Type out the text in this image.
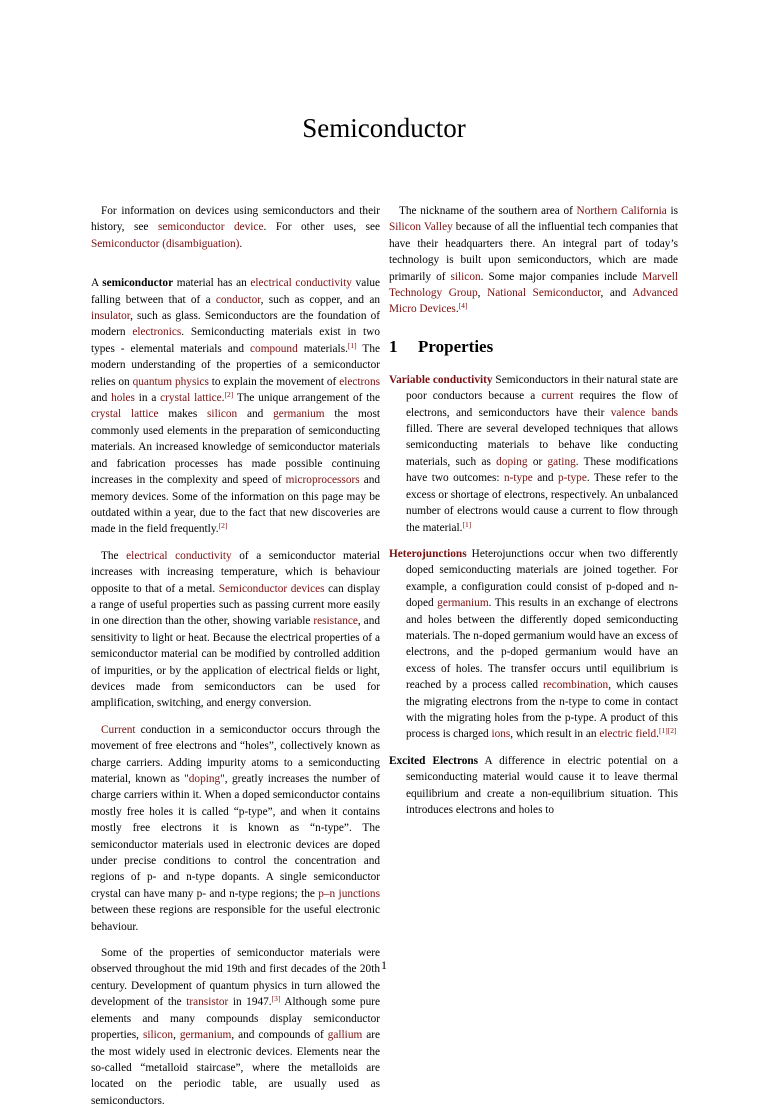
Semiconductor

For information on devices using semiconductors and their history, see semiconductor device. For other uses, see Semiconductor (disambiguation).

A semiconductor material has an electrical conductivity value falling between that of a conductor, such as copper, and an insulator, such as glass. Semiconductors are the foundation of modern electronics. Semiconducting materials exist in two types - elemental materials and compound materials.[1] The modern understanding of the properties of a semiconductor relies on quantum physics to explain the movement of electrons and holes in a crystal lattice.[2] The unique arrangement of the crystal lattice makes silicon and germanium the most commonly used elements in the preparation of semiconducting materials. An increased knowledge of semiconductor materials and fabrication processes has made possible continuing increases in the complexity and speed of microprocessors and memory devices. Some of the information on this page may be outdated within a year, due to the fact that new discoveries are made in the field frequently.[2]

The electrical conductivity of a semiconductor material increases with increasing temperature, which is behaviour opposite to that of a metal. Semiconductor devices can display a range of useful properties such as passing current more easily in one direction than the other, showing variable resistance, and sensitivity to light or heat. Because the electrical properties of a semiconductor material can be modified by controlled addition of impurities, or by the application of electrical fields or light, devices made from semiconductors can be used for amplification, switching, and energy conversion.

Current conduction in a semiconductor occurs through the movement of free electrons and “holes”, collectively known as charge carriers. Adding impurity atoms to a semiconducting material, known as "doping", greatly increases the number of charge carriers within it. When a doped semiconductor contains mostly free holes it is called “p-type”, and when it contains mostly free electrons it is known as “n-type”. The semiconductor materials used in electronic devices are doped under precise conditions to control the concentration and regions of p- and n-type dopants. A single semiconductor crystal can have many p- and n-type regions; the p–n junctions between these regions are responsible for the useful electronic behaviour.

Some of the properties of semiconductor materials were observed throughout the mid 19th and first decades of the 20th century. Development of quantum physics in turn allowed the development of the transistor in 1947.[3] Although some pure elements and many compounds display semiconductor properties, silicon, germanium, and compounds of gallium are the most widely used in electronic devices. Elements near the so-called “metalloid staircase”, where the metalloids are located on the periodic table, are usually used as semiconductors.

The nickname of the southern area of Northern California is Silicon Valley because of all the influential tech companies that have their headquarters there. An integral part of today’s technology is built upon semiconductors, which are made primarily of silicon. Some major companies include Marvell Technology Group, National Semiconductor, and Advanced Micro Devices.[4]

1 Properties

Variable conductivity Semiconductors in their natural state are poor conductors because a current requires the flow of electrons, and semiconductors have their valence bands filled. There are several developed techniques that allows semiconducting materials to behave like conducting materials, such as doping or gating. These modifications have two outcomes: n-type and p-type. These refer to the excess or shortage of electrons, respectively. An unbalanced number of electrons would cause a current to flow through the material.[1]

Heterojunctions Heterojunctions occur when two differently doped semiconducting materials are joined together. For example, a configuration could consist of p-doped and n-doped germanium. This results in an exchange of electrons and holes between the differently doped semiconducting materials. The n-doped germanium would have an excess of electrons, and the p-doped germanium would have an excess of holes. The transfer occurs until equilibrium is reached by a process called recombination, which causes the migrating electrons from the n-type to come in contact with the migrating holes from the p-type. A product of this process is charged ions, which result in an electric field.[1][2]

Excited Electrons A difference in electric potential on a semiconducting material would cause it to leave thermal equilibrium and create a non-equilibrium situation. This introduces electrons and holes to

1
